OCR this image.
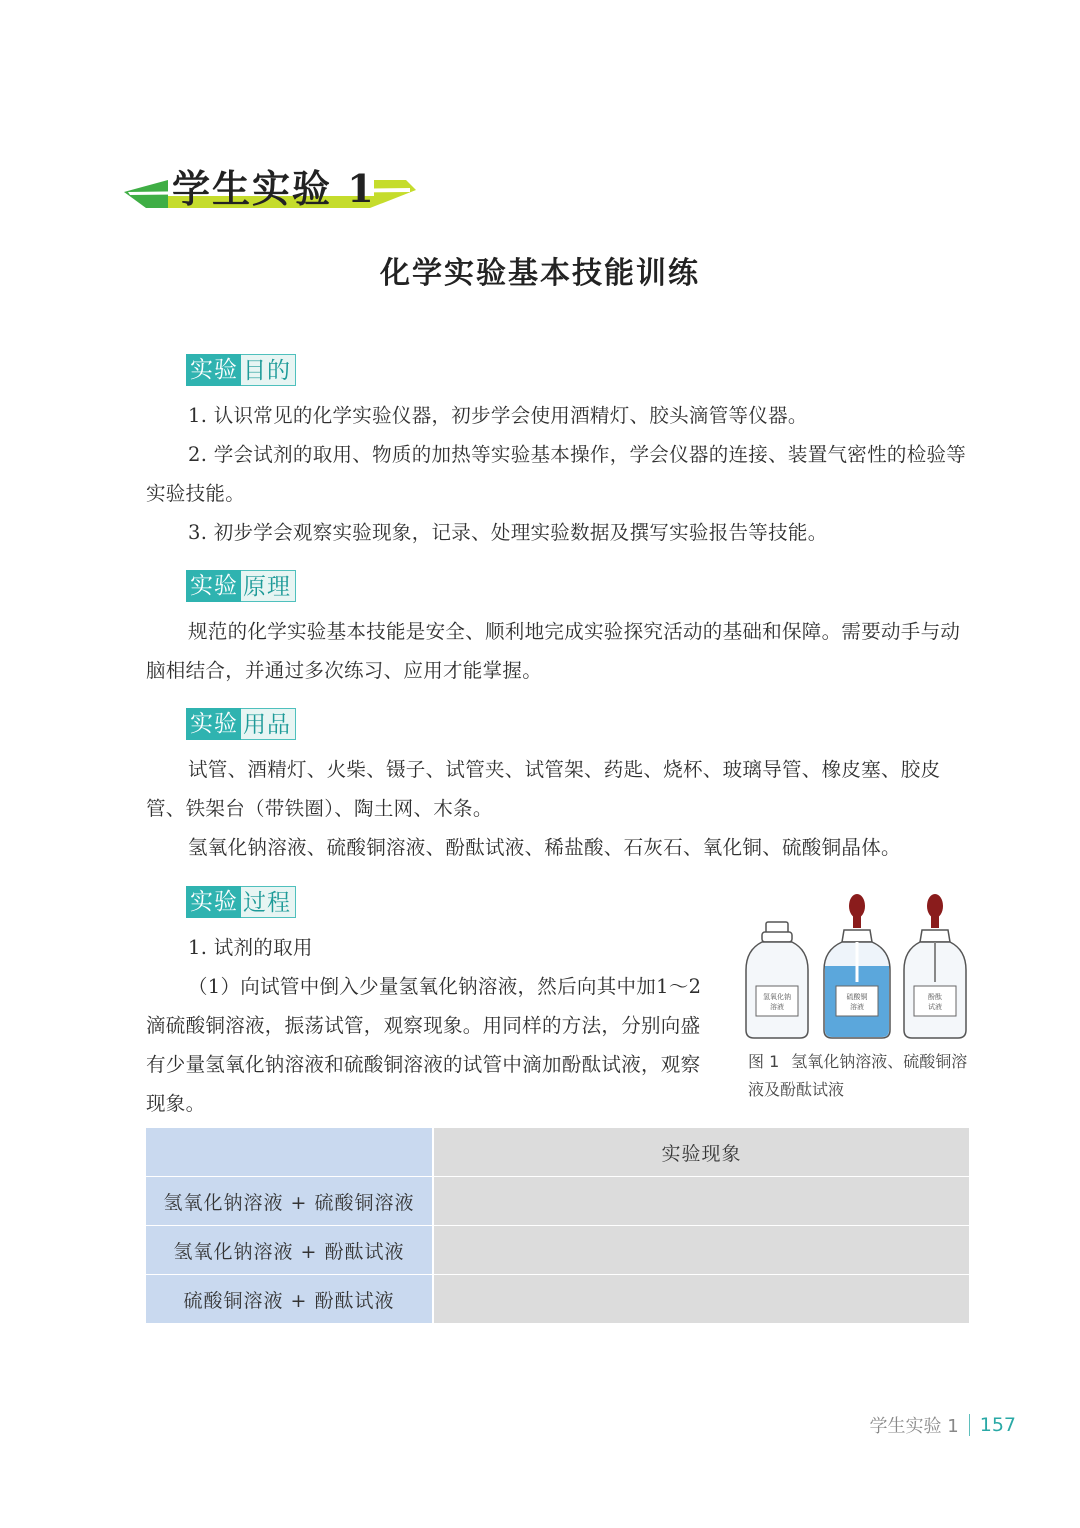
学生实验 1
化学实验基本技能训练
实验 目的
1. 认识常见的化学实验仪器，初步学会使用酒精灯、胶头滴管等仪器。
2. 学会试剂的取用、物质的加热等实验基本操作，学会仪器的连接、装置气密性的检验等实验技能。
3. 初步学会观察实验现象，记录、处理实验数据及撰写实验报告等技能。
实验 原理
规范的化学实验基本技能是安全、顺利地完成实验探究活动的基础和保障。需要动手与动脑相结合，并通过多次练习、应用才能掌握。
实验 用品
试管、酒精灯、火柴、镊子、试管夹、试管架、药匙、烧杯、玻璃导管、橡皮塞、胶皮管、铁架台（带铁圈）、陶土网、木条。
氢氧化钠溶液、硫酸铜溶液、酚酞试液、稀盐酸、石灰石、氧化铜、硫酸铜晶体。
实验 过程
1. 试剂的取用
（1）向试管中倒入少量氢氧化钠溶液，然后向其中加1～2 滴硫酸铜溶液，振荡试管，观察现象。用同样的方法，分别向盛有少量氢氧化钠溶液和硫酸铜溶液的试管中滴加酚酞试液，观察现象。
氢氧化钠
溶液
硫酸铜
溶液
酚酞
试液
图 1 氢氧化钠溶液、硫酸铜溶液及酚酞试液
	实验现象
氢氧化钠溶液 + 硫酸铜溶液	
氢氧化钠溶液 + 酚酞试液	
硫酸铜溶液 + 酚酞试液	
学生实验 1 157
